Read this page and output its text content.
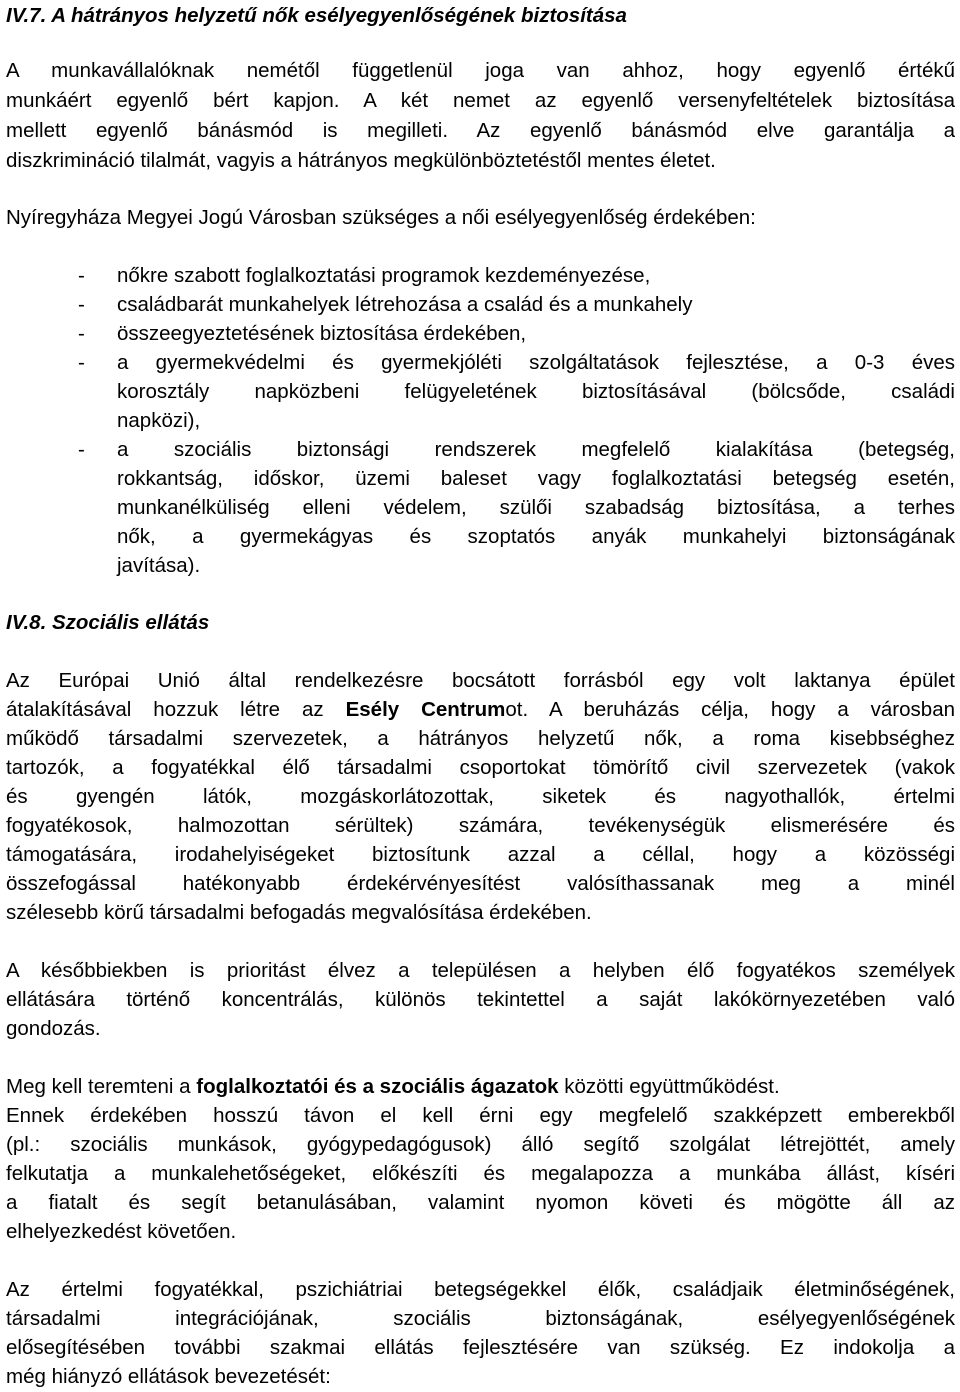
IV.7. A hátrányos helyzetű nők esélyegyenlőségének biztosítása
A munkavállalóknak nemétől függetlenül joga van ahhoz, hogy egyenlő értékű
munkáért egyenlő bért kapjon. A két nemet az egyenlő versenyfeltételek biztosítása
mellett egyenlő bánásmód is megilleti. Az egyenlő bánásmód elve garantálja a
diszkrimináció tilalmát, vagyis a hátrányos megkülönböztetéstől mentes életet.
Nyíregyháza Megyei Jogú Városban szükséges a női esélyegyenlőség érdekében:
- nőkre szabott foglalkoztatási programok kezdeményezése,
- családbarát munkahelyek létrehozása a család és a munkahely
- összeegyeztetésének biztosítása érdekében,
- a gyermekvédelmi és gyermekjóléti szolgáltatások fejlesztése, a 0-3 éves
korosztály napközbeni felügyeletének biztosításával (bölcsőde, családi
napközi),
- a szociális biztonsági rendszerek megfelelő kialakítása (betegség,
rokkantság, időskor, üzemi baleset vagy foglalkoztatási betegség esetén,
munkanélküliség elleni védelem, szülői szabadság biztosítása, a terhes
nők, a gyermekágyas és szoptatós anyák munkahelyi biztonságának
javítása).
IV.8. Szociális ellátás
Az Európai Unió által rendelkezésre bocsátott forrásból egy volt laktanya épület
átalakításával hozzuk létre az Esély Centrumot. A beruházás célja, hogy a városban
működő társadalmi szervezetek, a hátrányos helyzetű nők, a roma kisebbséghez
tartozók, a fogyatékkal élő társadalmi csoportokat tömörítő civil szervezetek (vakok
és gyengén látók, mozgáskorlátozottak, siketek és nagyothallók, értelmi
fogyatékosok, halmozottan sérültek) számára, tevékenységük elismerésére és
támogatására, irodahelyiségeket biztosítunk azzal a céllal, hogy a közösségi
összefogással hatékonyabb érdekérvényesítést valósíthassanak meg a minél
szélesebb körű társadalmi befogadás megvalósítása érdekében.
A későbbiekben is prioritást élvez a településen a helyben élő fogyatékos személyek
ellátására történő koncentrálás, különös tekintettel a saját lakókörnyezetében való
gondozás.
Meg kell teremteni a foglalkoztatói és a szociális ágazatok közötti együttműködést.
Ennek érdekében hosszú távon el kell érni egy megfelelő szakképzett emberekből
(pl.: szociális munkások, gyógypedagógusok) álló segítő szolgálat létrejöttét, amely
felkutatja a munkalehetőségeket, előkészíti és megalapozza a munkába állást, kíséri
a fiatalt és segít betanulásában, valamint nyomon követi és mögötte áll az
elhelyezkedést követően.
Az értelmi fogyatékkal, pszichiátriai betegségekkel élők, családjaik életminőségének,
társadalmi integrációjának, szociális biztonságának, esélyegyenlőségének
elősegítésében további szakmai ellátás fejlesztésére van szükség. Ez indokolja a
még hiányzó ellátások bevezetését:
